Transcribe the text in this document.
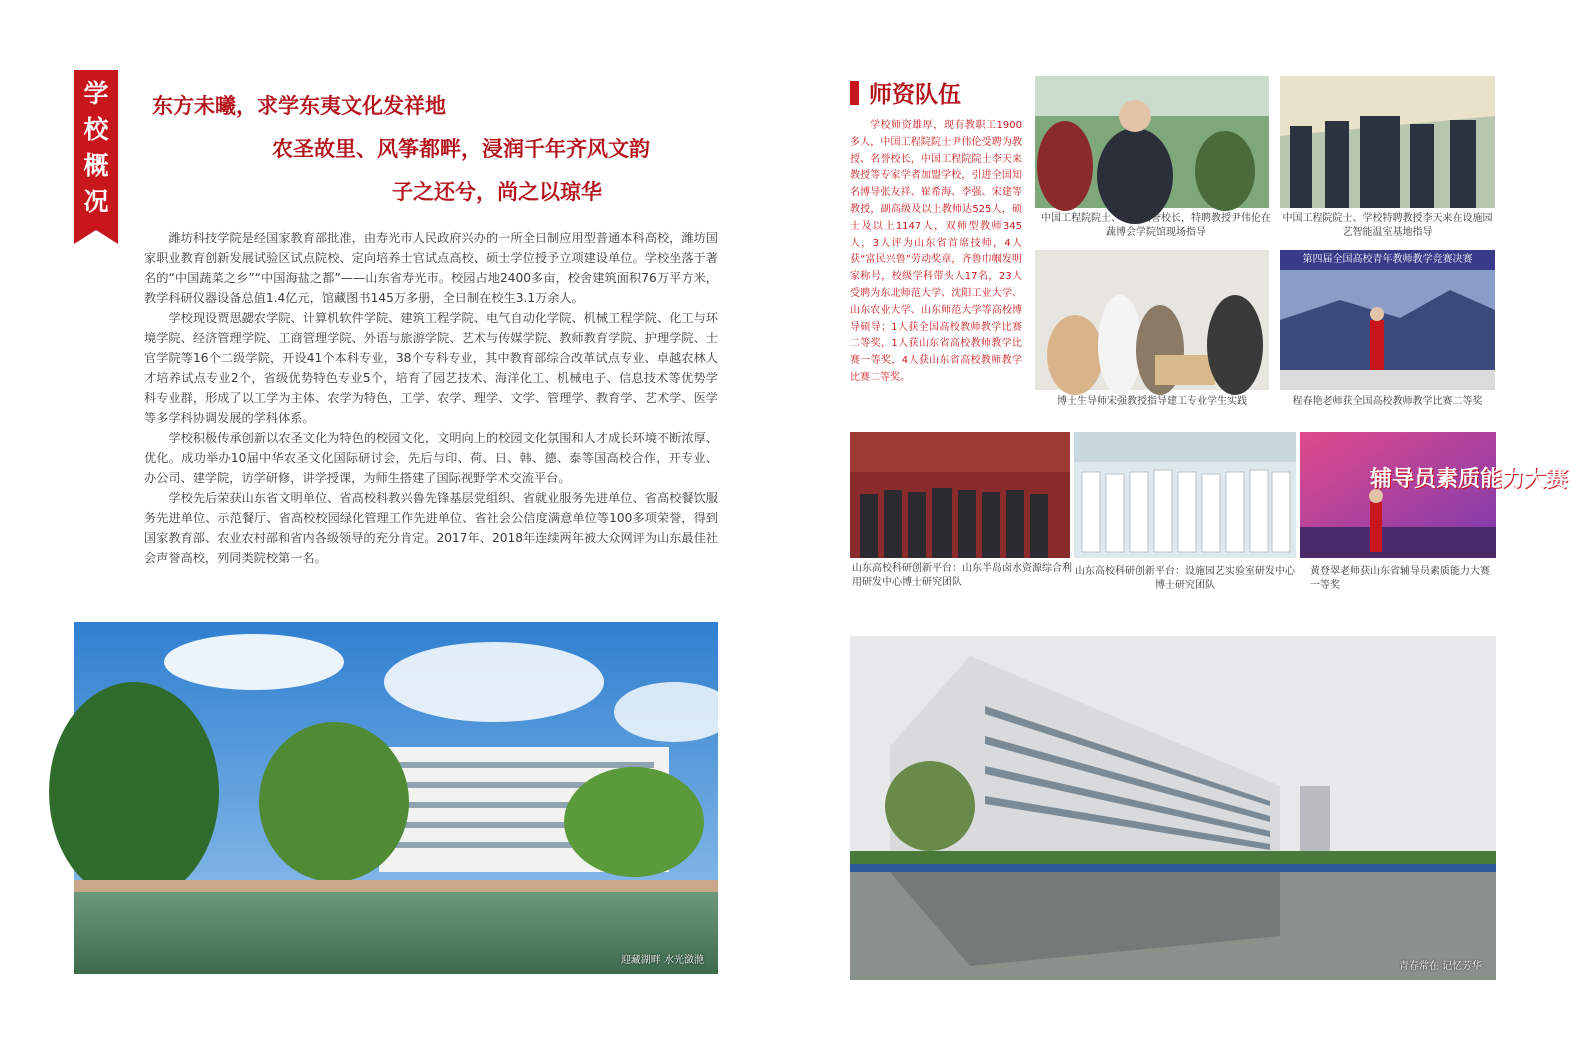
学校概况
东方未曦，求学东夷文化发祥地
农圣故里、风筝都畔，浸润千年齐风文韵
子之还兮，尚之以琼华

潍坊科技学院是经国家教育部批准，由寿光市人民政府兴办的一所全日制应用型普通本科高校，潍坊国家职业教育创新发展试验区试点院校、定向培养士官试点高校、硕士学位授予立项建设单位。学校坐落于著名的“中国蔬菜之乡”“中国海盐之都”——山东省寿光市。校园占地2400多亩，校舍建筑面积76万平方米，教学科研仪器设备总值1.4亿元，馆藏图书145万多册，全日制在校生3.1万余人。

学校现设贾思勰农学院、计算机软件学院、建筑工程学院、电气自动化学院、机械工程学院、化工与环境学院、经济管理学院、工商管理学院、外语与旅游学院、艺术与传媒学院、教师教育学院、护理学院、士官学院等16个二级学院，开设41个本科专业，38个专科专业，其中教育部综合改革试点专业、卓越农林人才培养试点专业2个，省级优势特色专业5个，培育了园艺技术、海洋化工、机械电子、信息技术等优势学科专业群，形成了以工学为主体、农学为特色，工学、农学、理学、文学、管理学、教育学、艺术学、医学等多学科协调发展的学科体系。

学校积极传承创新以农圣文化为特色的校园文化，文明向上的校园文化氛围和人才成长环境不断浓厚、优化。成功举办10届中华农圣文化国际研讨会，先后与印、荷、日、韩、德、泰等国高校合作，开专业、办公司、建学院，访学研修，讲学授课，为师生搭建了国际视野学术交流平台。

学校先后荣获山东省文明单位、省高校科教兴鲁先锋基层党组织、省就业服务先进单位、省高校餐饮服务先进单位、示范餐厅、省高校校园绿化管理工作先进单位、省社会公信度满意单位等100多项荣誉，得到国家教育部、农业农村部和省内各级领导的充分肯定。2017年、2018年连续两年被大众网评为山东最佳社会声誉高校，列同类院校第一名。

迎藏湖畔 水光潋滟
师资队伍
学校师资雄厚，现有教职工1900多人，中国工程院院士尹伟伦受聘为教授、名誉校长，中国工程院院士李天来教授等专家学者加盟学校，引进全国知名博导张友祥、崔希海、李强、宋建等教授，副高级及以上教师达525人，硕士及以上1147人，双师型教师345人，3人评为山东省首席技师，4人获“富民兴鲁”劳动奖章，齐鲁巾帼发明家称号，校级学科带头人17名，23人受聘为东北师范大学、沈阳工业大学、山东农业大学、山东师范大学等高校博导硕导；1人获全国高校教师教学比赛二等奖，1人获山东省高校教师教学比赛一等奖，4人获山东省高校教师教学比赛二等奖。
中国工程院院士、学校名誉校长，特聘教授尹伟伦在蔬博会学院馆现场指导
中国工程院院士、学校特聘教授李天来在设施园艺智能温室基地指导
第四届全国高校青年教师教学竞赛决赛
博士生导师宋强教授指导建工专业学生实践	程春艳老师获全国高校教师教学比赛二等奖
辅导员素质能力大赛
山东高校科研创新平台：山东半岛卤水资源综合利用研发中心博士研究团队
山东高校科研创新平台：设施园艺实验室研发中心博士研究团队
黄登翠老师获山东省辅导员素质能力大赛一等奖
青春常在 记忆芳华
